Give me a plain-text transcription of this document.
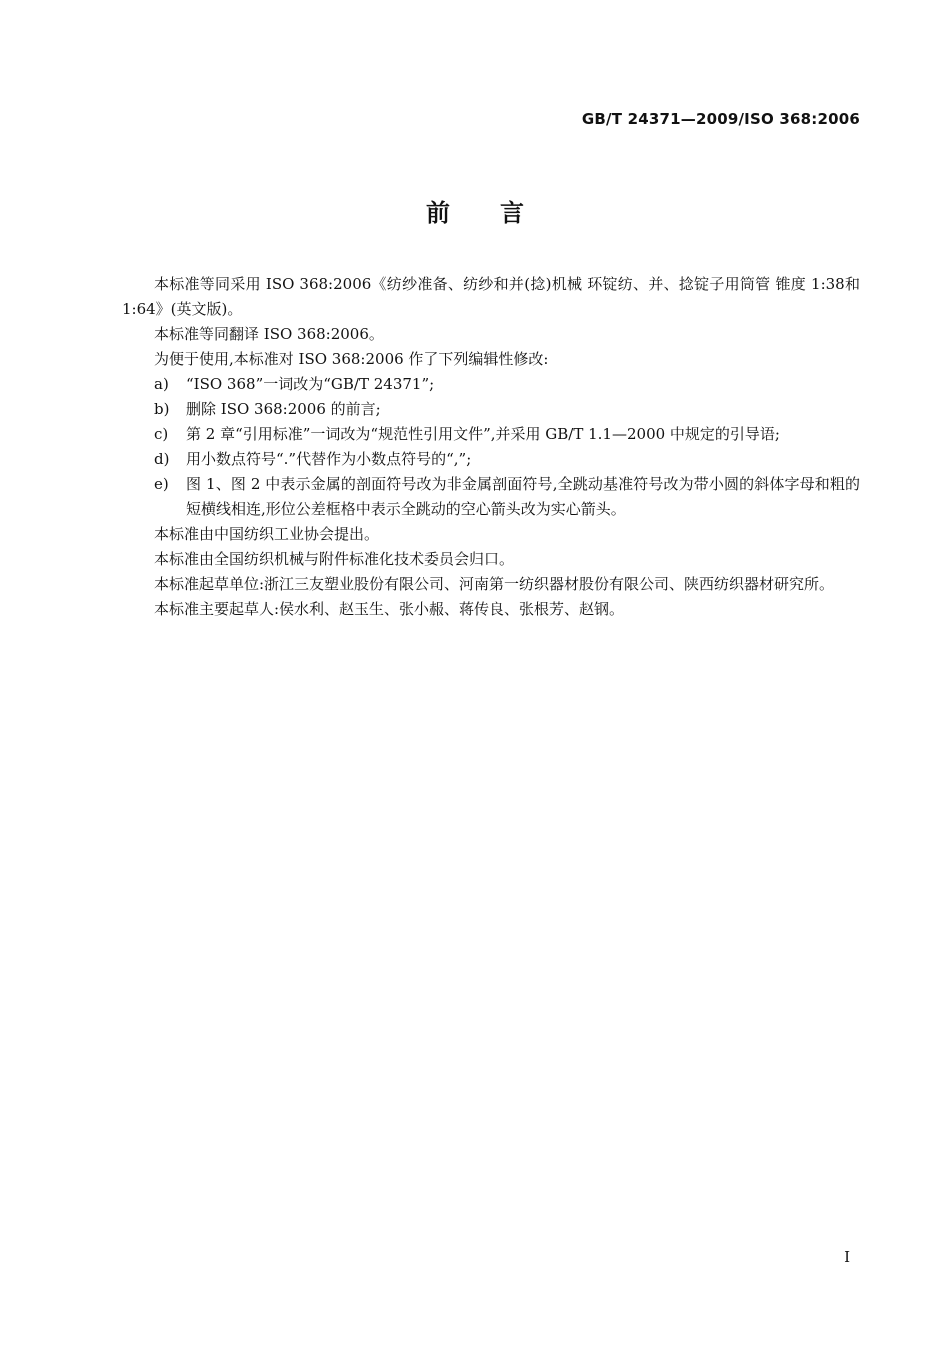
GB/T 24371—2009/ISO 368:2006
前言

本标准等同采用 ISO 368:2006《纺纱准备、纺纱和并(捻)机械 环锭纺、并、捻锭子用筒管 锥度 1:38和1:64》(英文版)。

本标准等同翻译 ISO 368:2006。

为便于使用,本标准对 ISO 368:2006 作了下列编辑性修改:

a)	“ISO 368”一词改为“GB/T 24371”;
b)	删除 ISO 368:2006 的前言;
c)	第 2 章“引用标准”一词改为“规范性引用文件”,并采用 GB/T 1.1—2000 中规定的引导语;
d)	用小数点符号“.”代替作为小数点符号的“,”;
e)	图 1、图 2 中表示金属的剖面符号改为非金属剖面符号,全跳动基准符号改为带小圆的斜体字母和粗的短横线相连,形位公差框格中表示全跳动的空心箭头改为实心箭头。

本标准由中国纺织工业协会提出。

本标准由全国纺织机械与附件标准化技术委员会归口。

本标准起草单位:浙江三友塑业股份有限公司、河南第一纺织器材股份有限公司、陕西纺织器材研究所。

本标准主要起草人:侯水利、赵玉生、张小赧、蒋传良、张根芳、赵钢。

I
